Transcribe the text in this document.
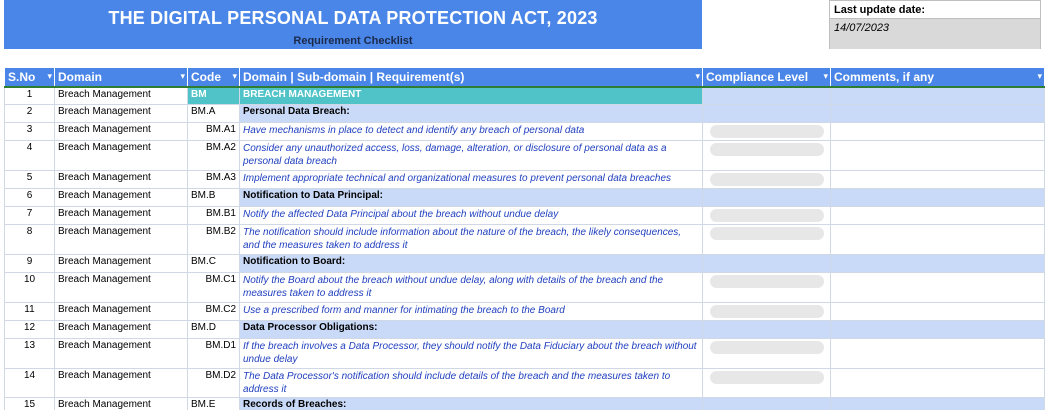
THE DIGITAL PERSONAL DATA PROTECTION ACT, 2023
Requirement Checklist
Last update date:
14/07/2023
S.No ▾	Domain ▾	Code ▾	Domain | Sub-domain | Requirement(s) ▾	Compliance Level ▾	Comments, if any ▾

1	Breach Management	BM	BREACH MANAGEMENT		
2	Breach Management	BM.A	Personal Data Breach:		
3	Breach Management	BM.A1	Have mechanisms in place to detect and identify any breach of personal data	

4	Breach Management	BM.A2	Consider any unauthorized access, loss, damage, alteration, or disclosure of personal data as a personal data breach	

5	Breach Management	BM.A3	Implement appropriate technical and organizational measures to prevent personal data breaches	

6	Breach Management	BM.B	Notification to Data Principal:		
7	Breach Management	BM.B1	Notify the affected Data Principal about the breach without undue delay	

8	Breach Management	BM.B2	The notification should include information about the nature of the breach, the likely consequences, and the measures taken to address it	

9	Breach Management	BM.C	Notification to Board:		
10	Breach Management	BM.C1	Notify the Board about the breach without undue delay, along with details of the breach and the measures taken to address it	

11	Breach Management	BM.C2	Use a prescribed form and manner for intimating the breach to the Board	

12	Breach Management	BM.D	Data Processor Obligations:		
13	Breach Management	BM.D1	If the breach involves a Data Processor, they should notify the Data Fiduciary about the breach without undue delay	

14	Breach Management	BM.D2	The Data Processor's notification should include details of the breach and the measures taken to address it	

15	Breach Management	BM.E	Records of Breaches:		
